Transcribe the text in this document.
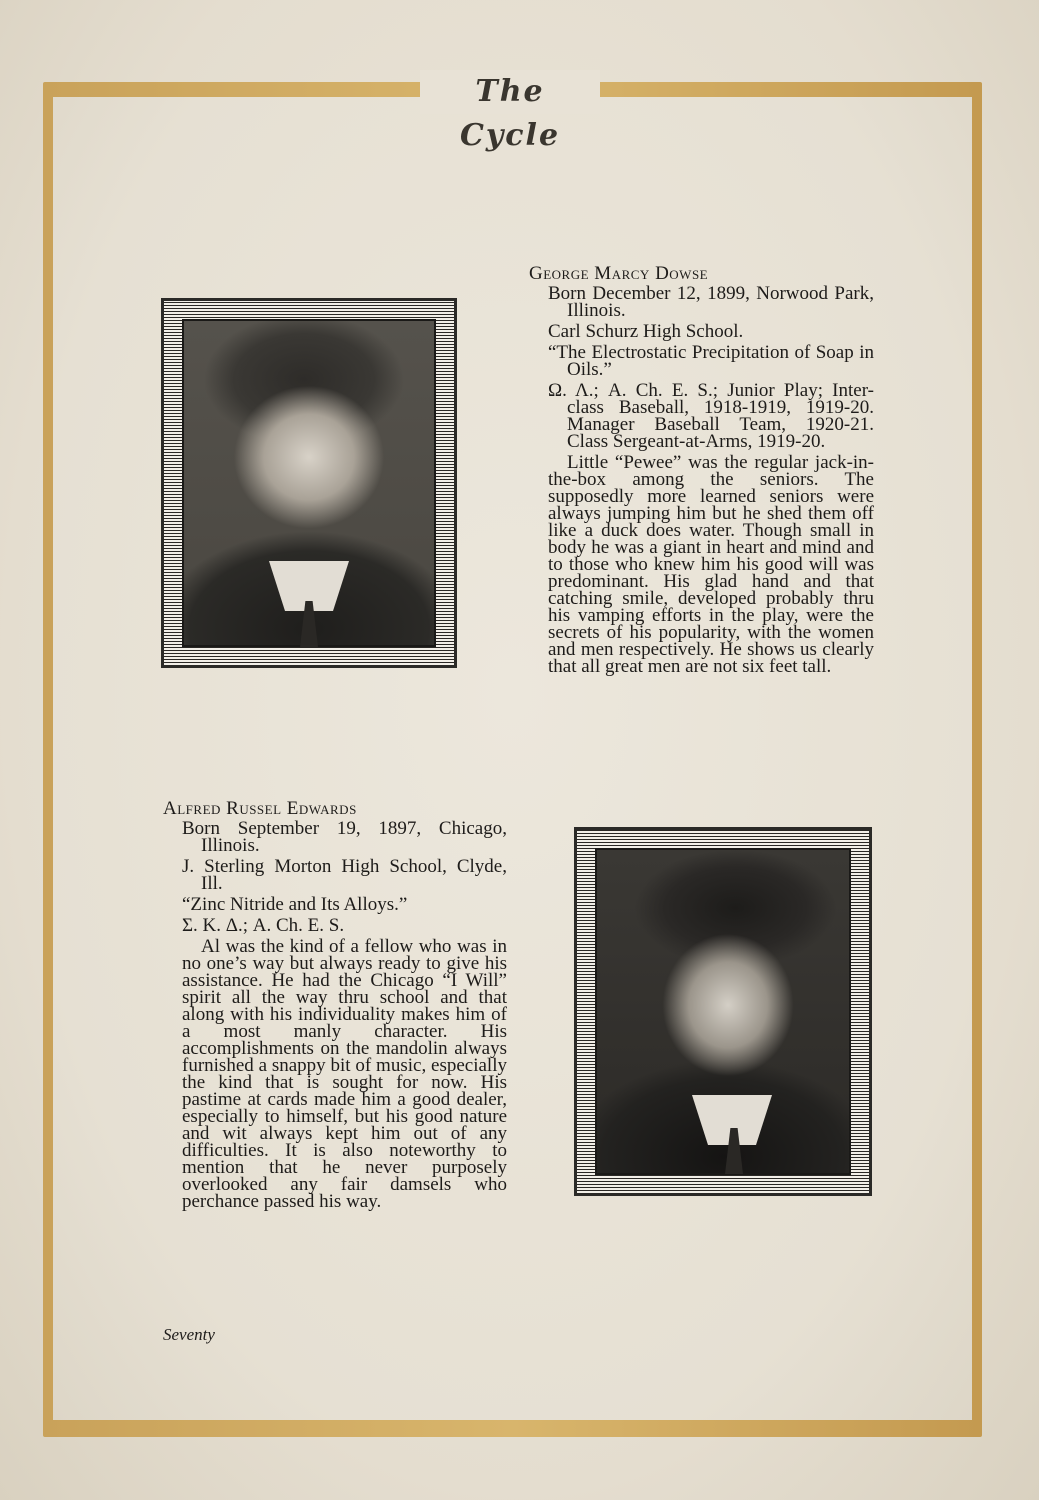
The Cycle
George Marcy Dowse
Born December 12, 1899, Norwood Park, Illinois.
Carl Schurz High School.
“The Electrostatic Precipitation of Soap in Oils.”
Ω. Λ.; A. Ch. E. S.; Junior Play; Inter-class Baseball, 1918-1919, 1919-20. Manager Baseball Team, 1920-21. Class Sergeant-at-Arms, 1919-20.
Little “Pewee” was the regular jack-in-the-box among the seniors. The supposedly more learned seniors were always jumping him but he shed them off like a duck does water. Though small in body he was a giant in heart and mind and to those who knew him his good will was predominant. His glad hand and that catching smile, developed probably thru his vamping efforts in the play, were the secrets of his popularity, with the women and men respectively. He shows us clearly that all great men are not six feet tall.
Alfred Russel Edwards
Born September 19, 1897, Chicago, Illinois.
J. Sterling Morton High School, Clyde, Ill.
“Zinc Nitride and Its Alloys.”
Σ. K. Δ.; A. Ch. E. S.
Al was the kind of a fellow who was in no one’s way but always ready to give his assistance. He had the Chicago “I Will” spirit all the way thru school and that along with his individuality makes him of a most manly character. His accomplishments on the mandolin always furnished a snappy bit of music, especially the kind that is sought for now. His pastime at cards made him a good dealer, especially to himself, but his good nature and wit always kept him out of any difficulties. It is also noteworthy to mention that he never purposely overlooked any fair damsels who perchance passed his way.
Seventy
